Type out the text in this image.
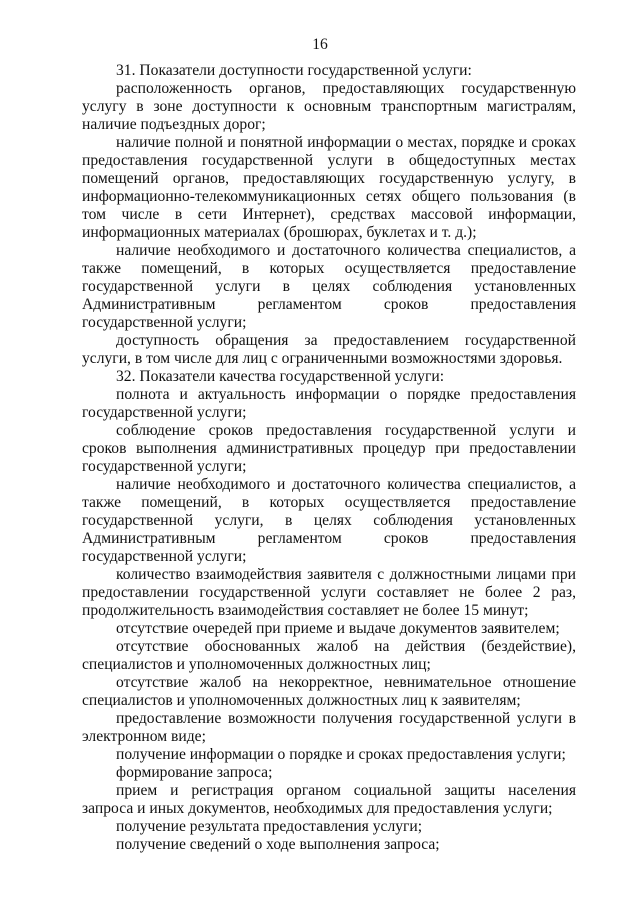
16

31. Показатели доступности государственной услуги:

расположенность органов, предоставляющих государственную услугу в зоне доступности к основным транспортным магистралям, наличие подъездных дорог;

наличие полной и понятной информации о местах, порядке и сроках предоставления государственной услуги в общедоступных местах помещений органов, предоставляющих государственную услугу, в информационно-телекоммуникационных сетях общего пользования (в том числе в сети Интернет), средствах массовой информации, информационных материалах (брошюрах, буклетах и т. д.);

наличие необходимого и достаточного количества специалистов, а также помещений, в которых осуществляется предоставление государственной услуги в целях соблюдения установленных Административным регламентом сроков предоставления государственной услуги;

доступность обращения за предоставлением государственной услуги, в том числе для лиц с ограниченными возможностями здоровья.

32. Показатели качества государственной услуги:

полнота и актуальность информации о порядке предоставления государственной услуги;

соблюдение сроков предоставления государственной услуги и сроков выполнения административных процедур при предоставлении государственной услуги;

наличие необходимого и достаточного количества специалистов, а также помещений, в которых осуществляется предоставление государственной услуги, в целях соблюдения установленных Административным регламентом сроков предоставления государственной услуги;

количество взаимодействия заявителя с должностными лицами при предоставлении государственной услуги составляет не более 2 раз, продолжительность взаимодействия составляет не более 15 минут;

отсутствие очередей при приеме и выдаче документов заявителем;

отсутствие обоснованных жалоб на действия (бездействие), специалистов и уполномоченных должностных лиц;

отсутствие жалоб на некорректное, невнимательное отношение специалистов и уполномоченных должностных лиц к заявителям;

предоставление возможности получения государственной услуги в электронном виде;

получение информации о порядке и сроках предоставления услуги;

формирование запроса;

прием и регистрация органом социальной защиты населения запроса и иных документов, необходимых для предоставления услуги;

получение результата предоставления услуги;

получение сведений о ходе выполнения запроса;
